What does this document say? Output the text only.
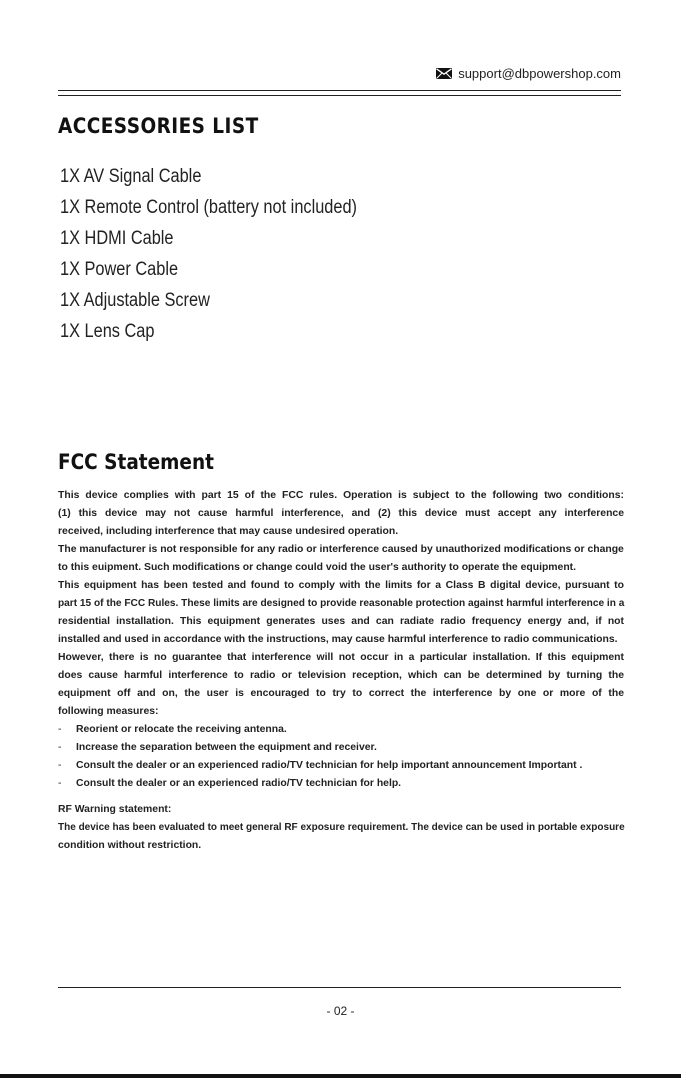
support@dbpowershop.com
ACCESSORIES LIST
1X AV Signal Cable
1X Remote Control (battery not included)
1X HDMI Cable
1X Power Cable
1X Adjustable Screw
1X Lens Cap
FCC Statement
This device complies with part 15 of the FCC rules. Operation is subject to the following two conditions:
(1) this device may not cause harmful interference, and (2) this device must accept any interference
received, including interference that may cause undesired operation.
The manufacturer is not responsible for any radio or interference caused by unauthorized modifications or change
to this euipment. Such modifications or change could void the user's authority to operate the equipment.
This equipment has been tested and found to comply with the limits for a Class B digital device, pursuant to
part 15 of the FCC Rules. These limits are designed to provide reasonable protection against harmful interference in a
residential installation. This equipment generates uses and can radiate radio frequency energy and, if not
installed and used in accordance with the instructions, may cause harmful interference to radio communications.
However, there is no guarantee that interference will not occur in a particular installation. If this equipment
does cause harmful interference to radio or television reception, which can be determined by turning the
equipment off and on, the user is encouraged to try to correct the interference by one or more of the
following measures:
- Reorient or relocate the receiving antenna.
- Increase the separation between the equipment and receiver.
- Consult the dealer or an experienced radio/TV technician for help important announcement Important .
- Consult the dealer or an experienced radio/TV technician for help.
RF Warning statement:
The device has been evaluated to meet general RF exposure requirement. The device can be used in portable exposure
condition without restriction.
- 02 -
